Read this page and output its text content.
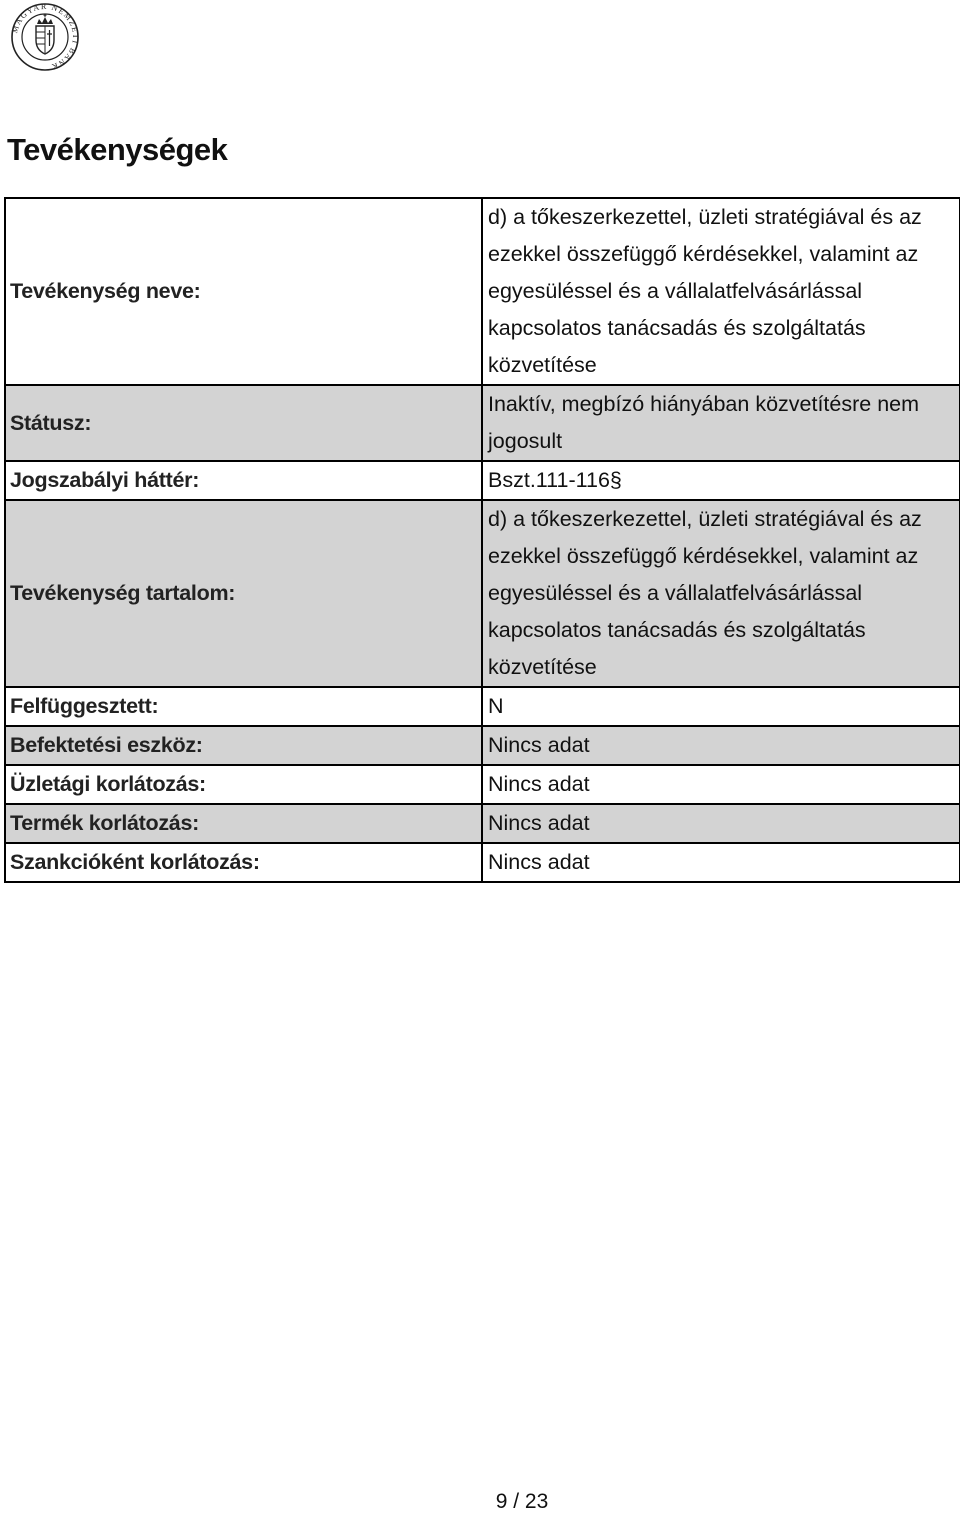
MAGYAR NEMZETI BANK
Tevékenységek
Tevékenység neve:	d) a tőkeszerkezettel, üzleti stratégiával és az ezekkel összefüggő kérdésekkel, valamint az egyesüléssel és a vállalatfelvásárlással kapcsolatos tanácsadás és szolgáltatás közvetítése
Státusz:	Inaktív, megbízó hiányában közvetítésre nem jogosult
Jogszabályi háttér:	Bszt.111-116§
Tevékenység tartalom:	d) a tőkeszerkezettel, üzleti stratégiával és az ezekkel összefüggő kérdésekkel, valamint az egyesüléssel és a vállalatfelvásárlással kapcsolatos tanácsadás és szolgáltatás közvetítése
Felfüggesztett:	N
Befektetési eszköz:	Nincs adat
Üzletági korlátozás:	Nincs adat
Termék korlátozás:	Nincs adat
Szankcióként korlátozás:	Nincs adat
9 / 23
